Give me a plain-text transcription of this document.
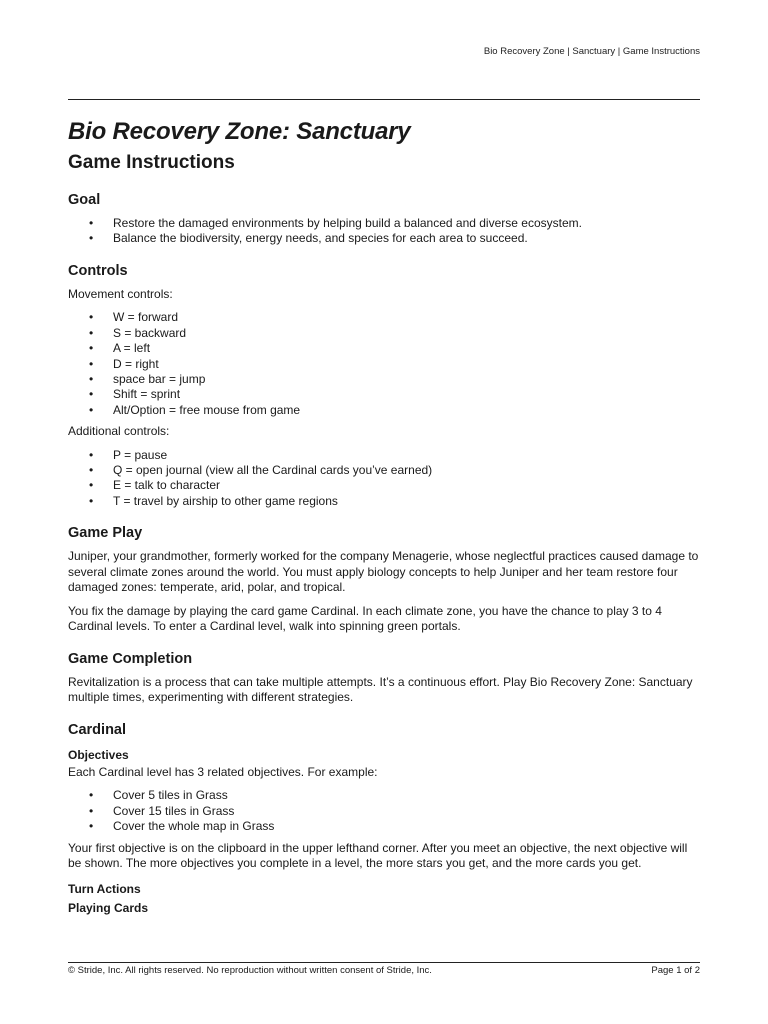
Bio Recovery Zone | Sanctuary | Game Instructions
Bio Recovery Zone: Sanctuary
Game Instructions
Goal
• Restore the damaged environments by helping build a balanced and diverse ecosystem.
• Balance the biodiversity, energy needs, and species for each area to succeed.
Controls

Movement controls:

• W = forward
• S = backward
• A = left
• D = right
• space bar = jump
• Shift = sprint
• Alt/Option = free mouse from game

Additional controls:

• P = pause
• Q = open journal (view all the Cardinal cards you’ve earned)
• E = talk to character
• T = travel by airship to other game regions
Game Play

Juniper, your grandmother, formerly worked for the company Menagerie, whose neglectful practices caused damage to several climate zones around the world. You must apply biology concepts to help Juniper and her team restore four damaged zones: temperate, arid, polar, and tropical.

You fix the damage by playing the card game Cardinal. In each climate zone, you have the chance to play 3 to 4 Cardinal levels. To enter a Cardinal level, walk into spinning green portals.

Game Completion

Revitalization is a process that can take multiple attempts. It’s a continuous effort. Play Bio Recovery Zone: Sanctuary multiple times, experimenting with different strategies.

Cardinal
Objectives

Each Cardinal level has 3 related objectives. For example:

• Cover 5 tiles in Grass
• Cover 15 tiles in Grass
• Cover the whole map in Grass

Your first objective is on the clipboard in the upper lefthand corner. After you meet an objective, the next objective will be shown. The more objectives you complete in a level, the more stars you get, and the more cards you get.

Turn Actions
Playing Cards
© Stride, Inc. All rights reserved. No reproduction without written consent of Stride, Inc.	Page 1 of 2
